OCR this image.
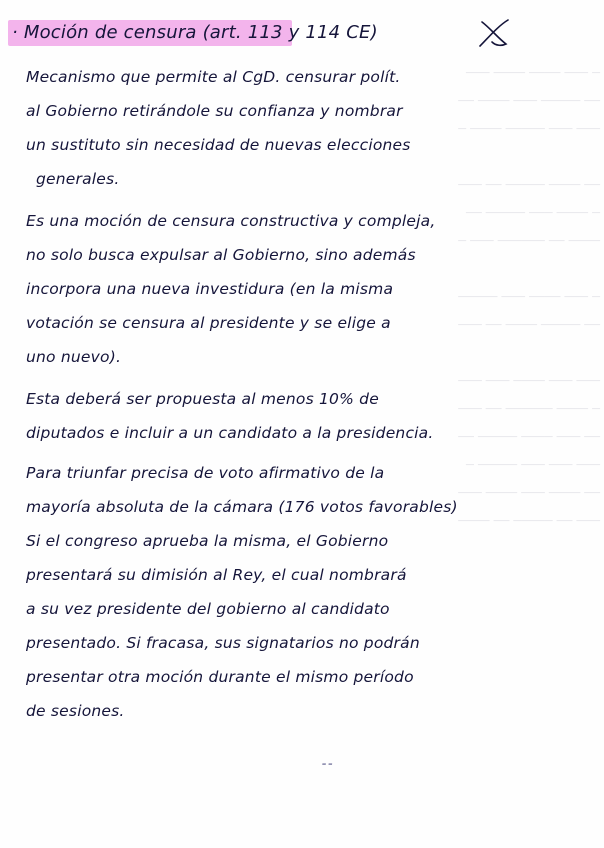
─ ─── ──── ──── ───
── ───── ─── ──── ──
─── ─── ───── ──── ─

── ──── ───── ── ───
─ ──── ─── ───── ──
──── ── ────── ─── ─

─ ─── ──── ─── ─────
── ───── ──── ── ───

─── ─── ──── ─── ───
─ ──── ────── ── ───
── ─── ──── ───── ──
─── ─── ─── ───── ─
── ──── ─── ──── ───
─── ── ───── ── ────
· Moción de censura (art. 113 y 114 CE)
Mecanismo que permite al CgD. censurar polít.
al Gobierno retirándole su confianza y nombrar
un sustituto sin necesidad de nuevas elecciones
generales.
Es una moción de censura constructiva y compleja,
no solo busca expulsar al Gobierno, sino además
incorpora una nueva investidura (en la misma
votación se censura al presidente y se elige a
uno nuevo).
Esta deberá ser propuesta al menos 10% de
diputados e incluir a un candidato a la presidencia.
Para triunfar precisa de voto afirmativo de la
mayoría absoluta de la cámara (176 votos favorables)
Si el congreso aprueba la misma, el Gobierno
presentará su dimisión al Rey, el cual nombrará
a su vez presidente del gobierno al candidato
presentado. Si fracasa, sus signatarios no podrán
presentar otra moción durante el mismo período
de sesiones.
¯¯
